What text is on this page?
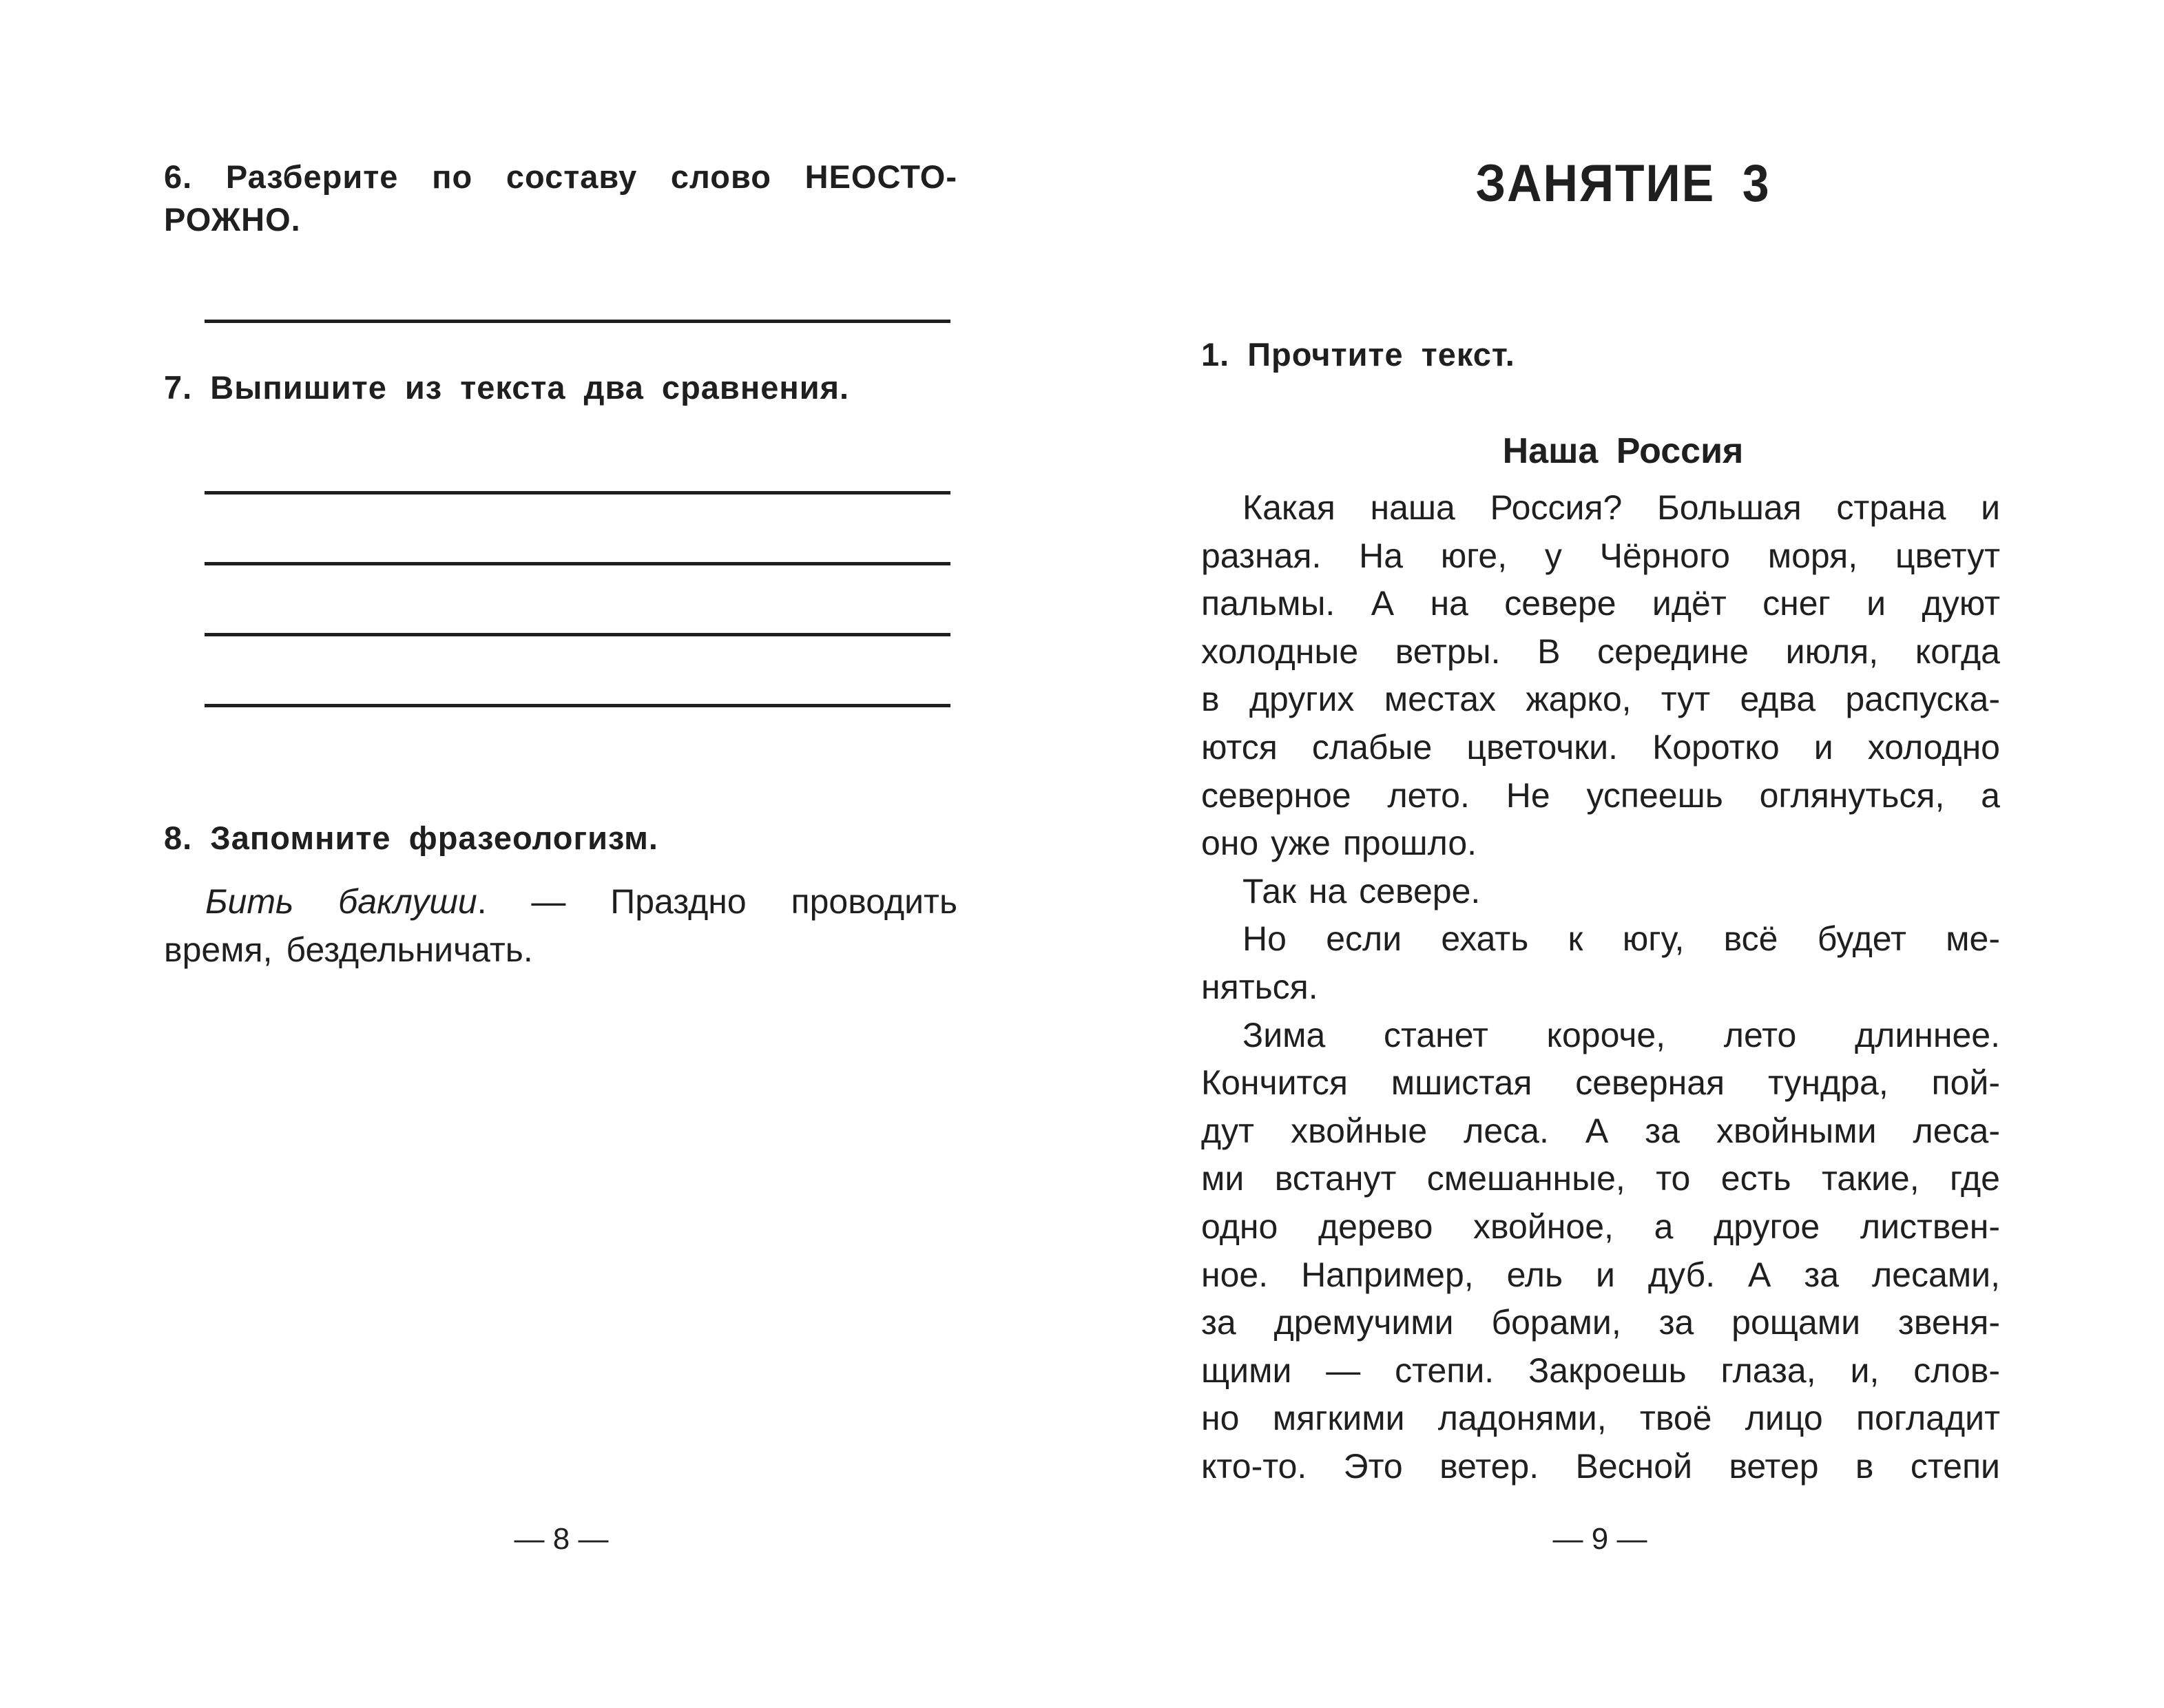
6. Разберите по составу слово НЕОСТО-
РОЖНО.
7. Выпишите из текста два сравнения.
8. Запомните фразеологизм.
Бить баклуши. — Праздно проводить
время, бездельничать.
— 8 —
ЗАНЯТИЕ 3
1. Прочтите текст.
Наша Россия
Какая наша Россия? Большая страна и
разная. На юге, у Чёрного моря, цветут
пальмы. А на севере идёт снег и дуют
холодные ветры. В середине июля, когда
в других местах жарко, тут едва распуска-
ются слабые цветочки. Коротко и холодно
северное лето. Не успеешь оглянуться, а
оно уже прошло.
Так на севере.
Но если ехать к югу, всё будет ме-
няться.
Зима станет короче, лето длиннее.
Кончится мшистая северная тундра, пой-
дут хвойные леса. А за хвойными леса-
ми встанут смешанные, то есть такие, где
одно дерево хвойное, а другое листвен-
ное. Например, ель и дуб. А за лесами,
за дремучими борами, за рощами звеня-
щими — степи. Закроешь глаза, и, слов-
но мягкими ладонями, твоё лицо погладит
кто-то. Это ветер. Весной ветер в степи
— 9 —
